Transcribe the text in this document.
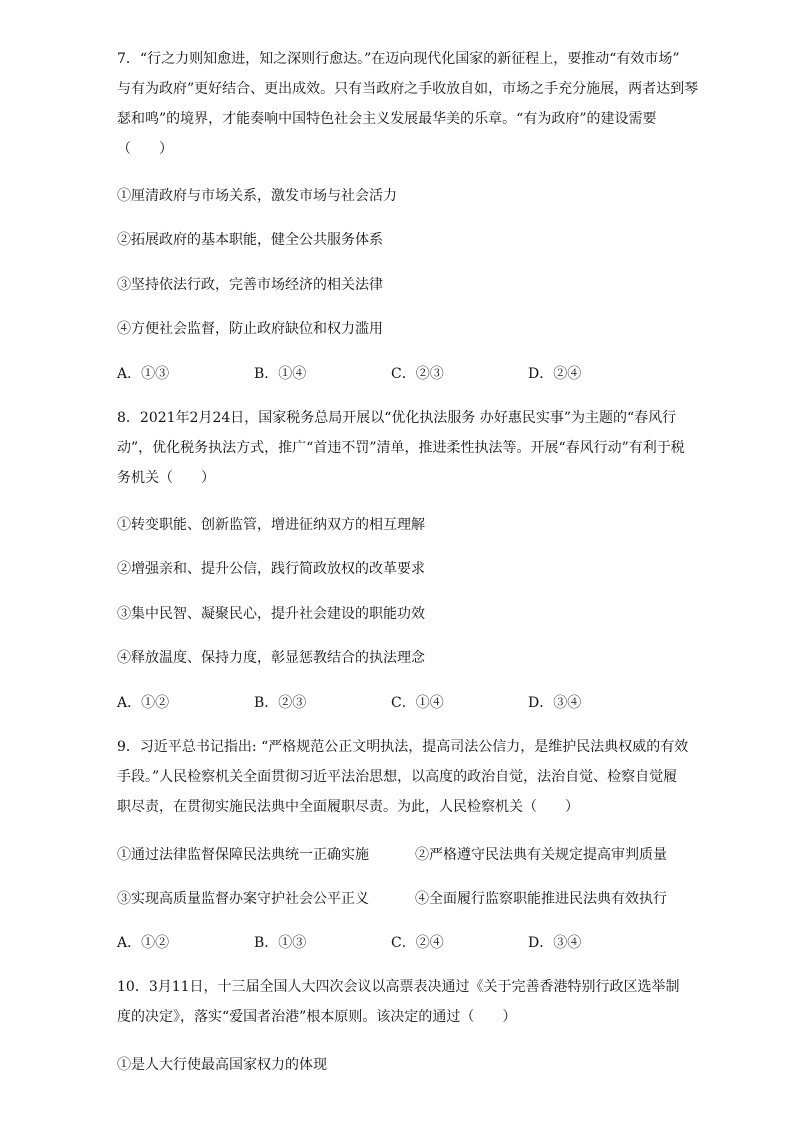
7．“行之力则知愈进，知之深则行愈达。”在迈向现代化国家的新征程上，要推动“有效市场”
与有为政府”更好结合、更出成效。只有当政府之手收放自如，市场之手充分施展，两者达到琴
瑟和鸣”的境界，才能奏响中国特色社会主义发展最华美的乐章。“有为政府”的建设需要
（　　）

①厘清政府与市场关系，激发市场与社会活力
②拓展政府的基本职能，健全公共服务体系
③坚持依法行政，完善市场经济的相关法律
④方便社会监督，防止政府缺位和权力滥用
A．①③	B．①④	C．②③	D．②④

8．2021年2月24日，国家税务总局开展以“优化执法服务 办好惠民实事”为主题的“春风行
动”，优化税务执法方式，推广“首违不罚”清单，推进柔性执法等。开展“春风行动”有利于税
务机关（　　）

①转变职能、创新监管，增进征纳双方的相互理解
②增强亲和、提升公信，践行简政放权的改革要求
③集中民智、凝聚民心，提升社会建设的职能功效
④释放温度、保持力度，彰显惩教结合的执法理念
A．①②	B．②③	C．①④	D．③④

9．习近平总书记指出: “严格规范公正文明执法，提高司法公信力，是维护民法典权威的有效
手段。”人民检察机关全面贯彻习近平法治思想，以高度的政治自觉，法治自觉、检察自觉履
职尽责，在贯彻实施民法典中全面履职尽责。为此，人民检察机关（　　）

①通过法律监督保障民法典统一正确实施	②严格遵守民法典有关规定提高审判质量
③实现高质量监督办案守护社会公平正义	④全面履行监察职能推进民法典有效执行
A．①②	B．①③	C．②④	D．③④

10．3月11日，十三届全国人大四次会议以高票表决通过《关于完善香港特别行政区选举制
度的决定》，落实“爱国者治港”根本原则。该决定的通过（　　）

①是人大行使最高国家权力的体现
